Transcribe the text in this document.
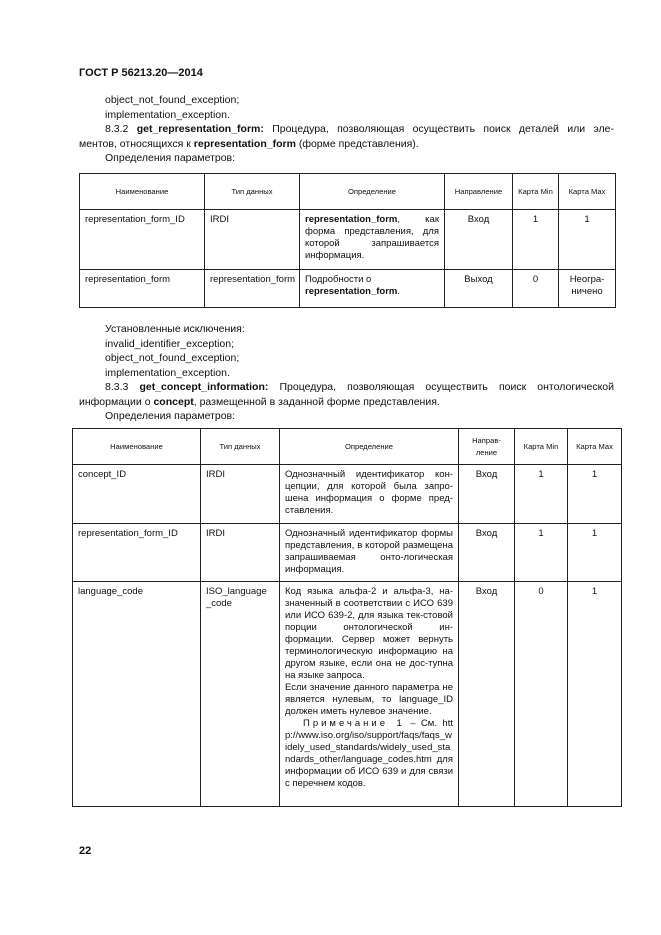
ГОСТ Р 56213.20—2014
object_not_found_exception;
implementation_exception.
8.3.2 get_representation_form: Процедура, позволяющая осуществить поиск деталей или эле-
ментов, относящихся к representation_form (форме представления).
Определения параметров:
Наименование	Тип данных	Определение	Направление	Карта Min	Карта Max
representation_form_ID	IRDI	representation_form, как форма представления, для которой запрашивается информация.	Вход	1	1
representation_form	representation_form	Подробности о representation_form.	Выход	0	Неогра-ничено
Установленные исключения:
invalid_identifier_exception;
object_not_found_exception;
implementation_exception.
8.3.3 get_concept_information: Процедура, позволяющая осуществить поиск онтологической
информации о concept, размещенной в заданной форме представления.
Определения параметров:
Наименование	Тип данных	Определение	Направ-ление	Карта Min	Карта Max
concept_ID	IRDI	Однозначный идентификатор кон-цепции, для которой была запро-шена информация о форме пред-ставления.	Вход	1	1
representation_form_ID	IRDI	Однозначный идентификатор формы представления, в которой размещена запрашиваемая онто-логическая информация.	Вход	1	1
language_code	ISO_language _code	Код языка альфа-2 и альфа-3, на-значенный в соответствии с ИСО 639 или ИСО 639-2, для языка тек-стовой порции онтологической ин-формации. Сервер может вернуть терминологическую информацию на другом языке, если она не дос-тупна на языке запроса.
Если значение данного параметра не является нулевым, то language_ID должен иметь нулевое значение.
Примечание 1 – См. http://www.iso.org/iso/support/faqs/faqs_widely_used_standards/widely_used_standards_other/language_codes.htm для информации об ИСО 639 и для связи с перечнем кодов.	Вход	0	1
22
